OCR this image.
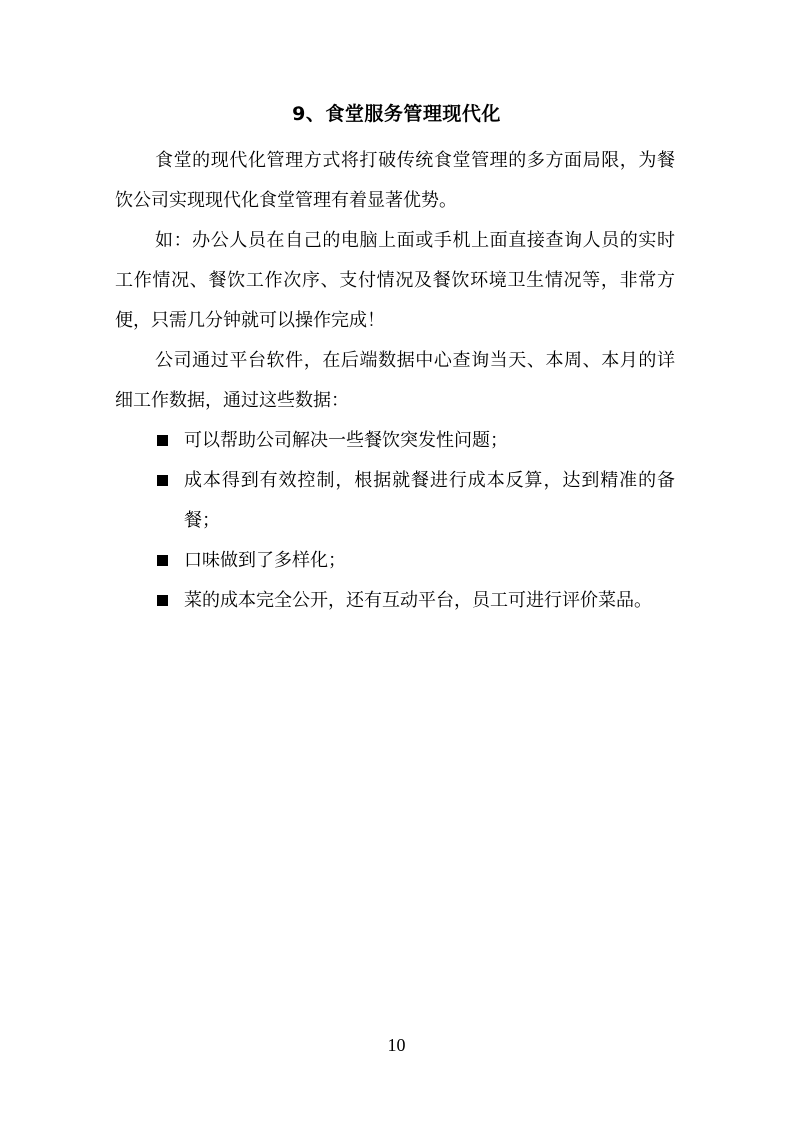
9、食堂服务管理现代化

食堂的现代化管理方式将打破传统食堂管理的多方面局限，为餐饮公司实现现代化食堂管理有着显著优势。

如：办公人员在自己的电脑上面或手机上面直接查询人员的实时工作情况、餐饮工作次序、支付情况及餐饮环境卫生情况等，非常方便，只需几分钟就可以操作完成！

公司通过平台软件，在后端数据中心查询当天、本周、本月的详细工作数据，通过这些数据：

可以帮助公司解决一些餐饮突发性问题；
成本得到有效控制，根据就餐进行成本反算，达到精准的备餐；
口味做到了多样化；
菜的成本完全公开，还有互动平台，员工可进行评价菜品。
10
